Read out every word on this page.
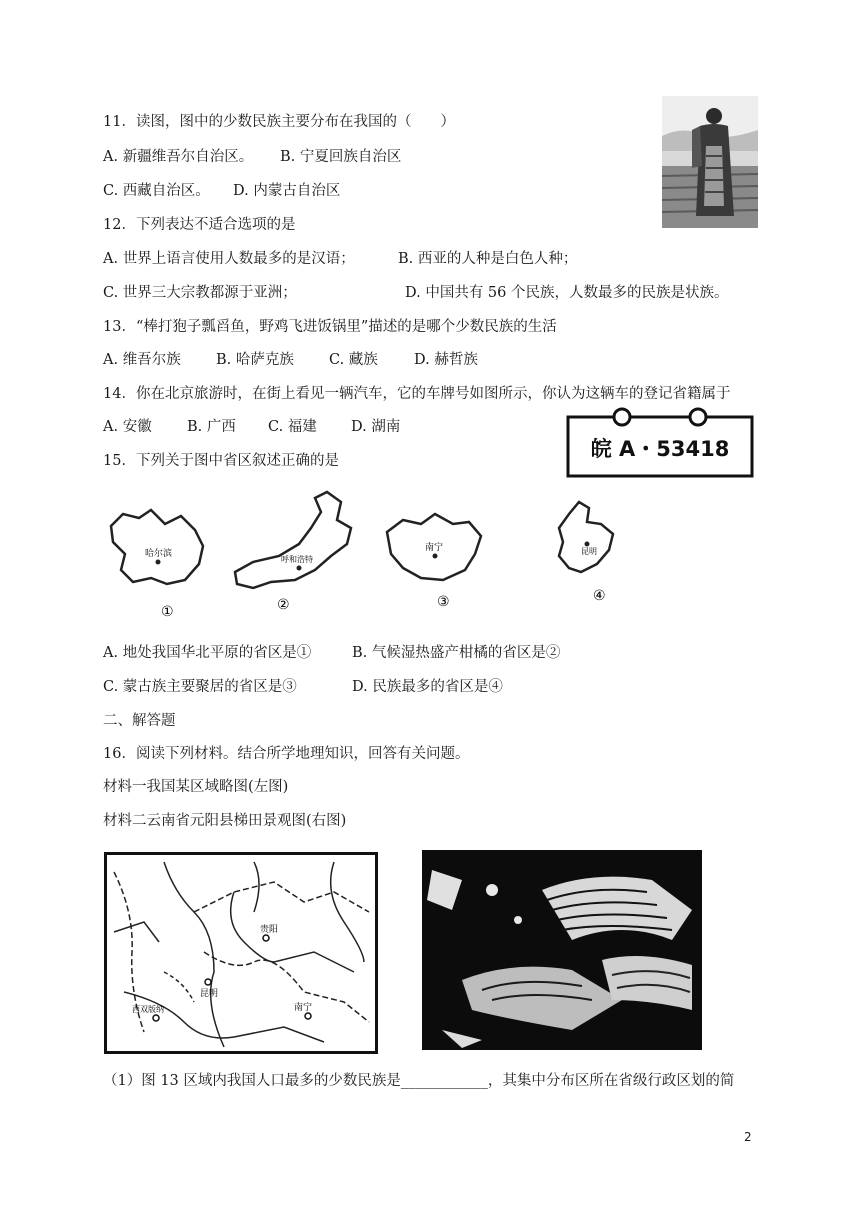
11．读图，图中的少数民族主要分布在我国的（　　）
A. 新疆维吾尔自治区。 B. 宁夏回族自治区
C. 西藏自治区。 D. 内蒙古自治区
12．下列表达不适合选项的是
A. 世界上语言使用人数最多的是汉语；	B. 西亚的人种是白色人种；
C. 世界三大宗教都源于亚洲；	D. 中国共有 56 个民族，人数最多的民族是状族。
13．“棒打狍子瓢舀鱼，野鸡飞进饭锅里”描述的是哪个少数民族的生活
A. 维吾尔族 B. 哈萨克族 C. 藏族 D. 赫哲族
14．你在北京旅游时，在街上看见一辆汽车，它的车牌号如图所示，你认为这辆车的登记省籍属于
A. 安徽 B. 广西 C. 福建 D. 湖南
皖 A・53418
15．下列关于图中省区叙述正确的是
哈尔滨
①
呼和浩特
②
南宁
③
昆明
④
A. 地处我国华北平原的省区是①	B. 气候湿热盛产柑橘的省区是②
C. 蒙古族主要聚居的省区是③	D. 民族最多的省区是④
二、解答题
16．阅读下列材料。结合所学地理知识，回答有关问题。
材料一我国某区域略图(左图)
材料二云南省元阳县梯田景观图(右图)
贵阳
昆明
西双版纳	南宁
（1）图 13 区域内我国人口最多的少数民族是____________，其集中分布区所在省级行政区划的简
2
